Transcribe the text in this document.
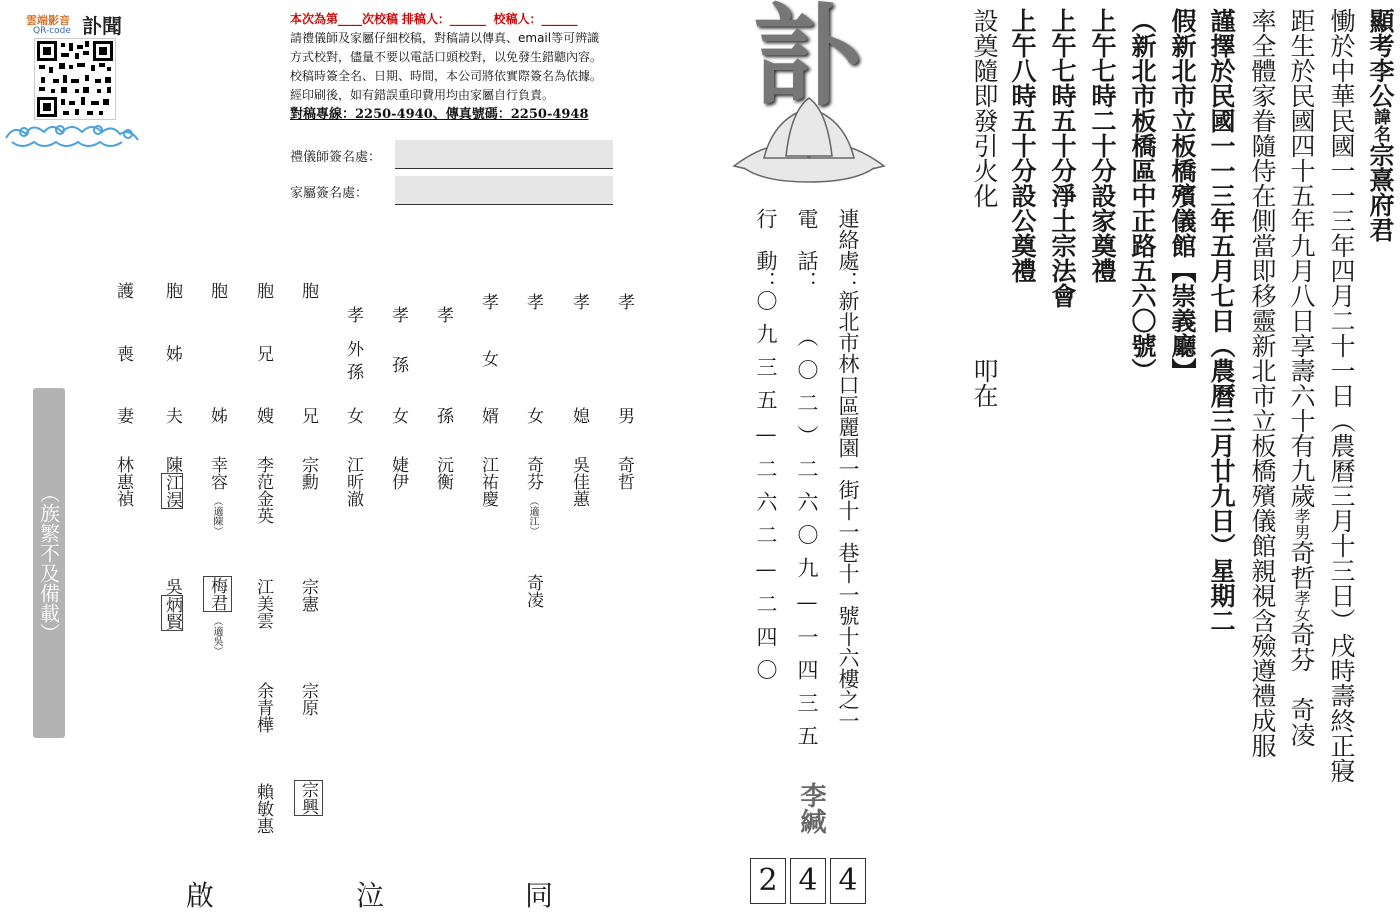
雲端影音
QR-code 訃聞	本次為第____次校稿 排稿人：______ 校稿人：______
請禮儀師及家屬仔細校稿，對稿請以傳真、email等可辨識
方式校對，儘量不要以電話口頭校對，以免發生錯聽內容。
校稿時簽全名、日期、時間，本公司將依實際簽名為依據。
經印刷後，如有錯誤重印費用均由家屬自行負責。
對稿專線：2250-4940、傳真號碼：2250-4948
禮儀師簽名處：
家屬簽名處：
孝
男
奇哲
孝
媳
吳佳蕙
孝
女
奇芬
（適江）
奇凌
孝
女
婿
江祐慶
孝
孫
沅衡
孝
孫
女
婕伊
孝
外孫
女
江昕澈
胞
兄
宗勳
宗憲
宗原
宗興
胞
兄
嫂
李范金英
江美雲
余青樺
賴敏惠
胞
姊
幸容
（適陳）
梅君
（適吳）
胞
姊
夫
陳江淏
吳炳賢
護
喪
妻
林惠禎
（族繁不及備載）
同
泣
啟
訃
連絡處：
新北市林口區麗園一街十一巷十一號十六樓之一
電　話：
（〇二）二六〇九—一四三五
行　動：
〇九三五—二六二—二四〇
李緘
2 4 4
顯考李公諱名宗熹府君
慟於中華民國一一三年四月二十一日（農曆三月十三日）戌時壽終正寢
距生於民國四十五年九月八日享壽六十有九歲孝男奇哲孝女奇芬　奇凌
率全體家眷隨侍在側當即移靈新北市立板橋殯儀館親視含殮遵禮成服
謹擇於民國一一三年五月七日（農曆三月廿九日）星期二
假新北市立板橋殯儀館【崇義廳】
（新北市板橋區中正路五六〇號）
上午七時二十分設家奠禮
上午七時五十分淨土宗法會
上午八時五十分設公奠禮
設奠隨即發引火化
叩在
